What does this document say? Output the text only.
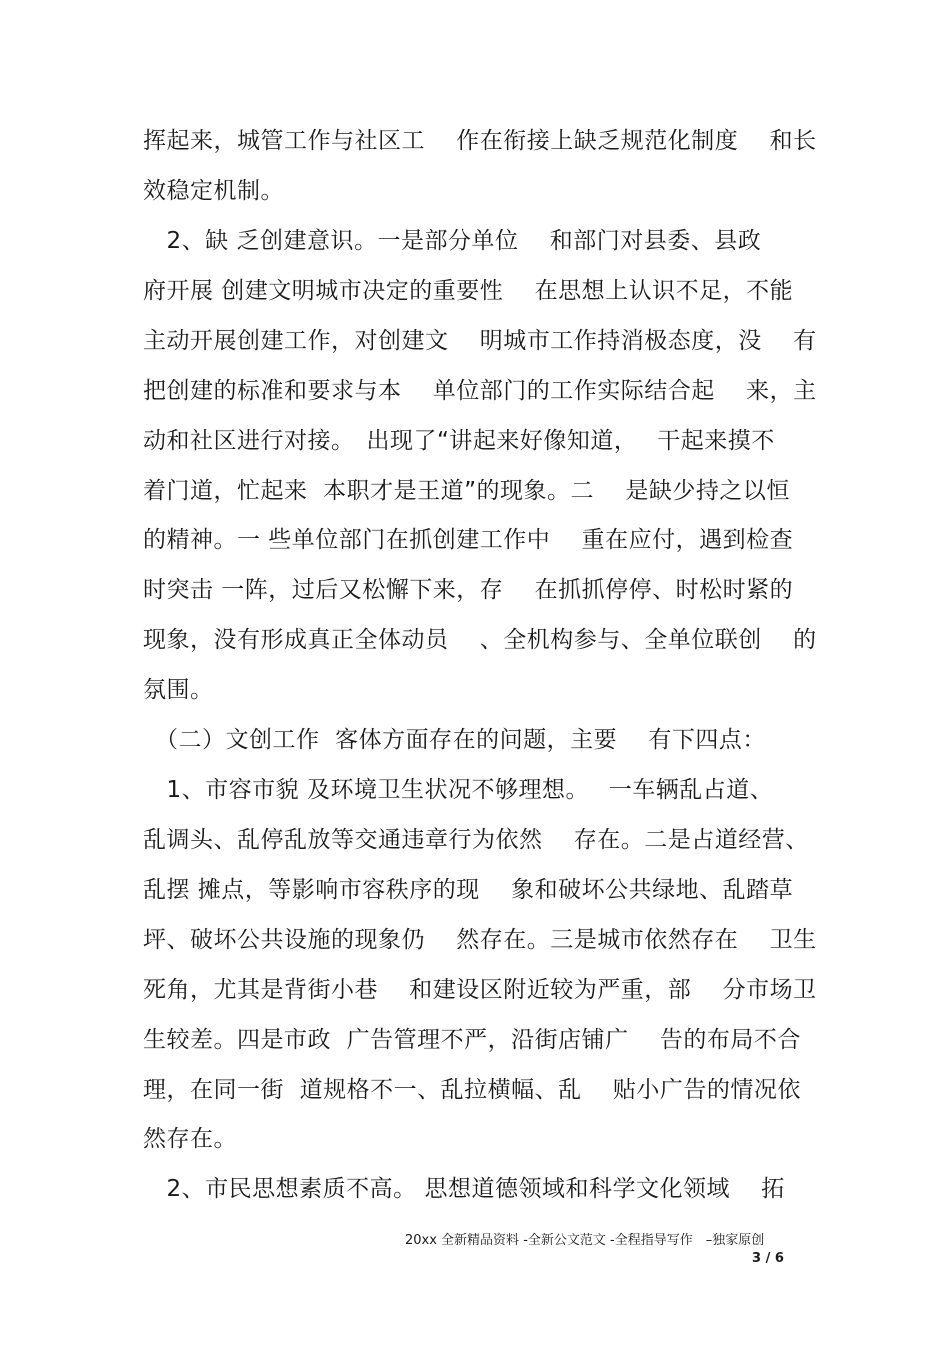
挥起来，城管工作与社区工　 作在衔接上缺乏规范化制度　 和长
效稳定机制。
　2、缺 乏创建意识。一是部分单位　 和部门对县委、县政
府开展 创建文明城市决定的重要性　 在思想上认识不足，不能
主动开展创建工作，对创建文　 明城市工作持消极态度，没　 有
把创建的标准和要求与本　 单位部门的工作实际结合起　 来，主
动和社区进行对接。　出现了“讲起来好像知道，　 干起来摸不
着门道，忙起来  本职才是王道”的现象。二　 是缺少持之以恒
的精神。一 些单位部门在抓创建工作中　 重在应付，遇到检查
时突击 一阵，过后又松懈下来，存　 在抓抓停停、时松时紧的
现象，没有形成真正全体动员　 、全机构参与、全单位联创　 的
氛围。
　（二）文创工作  客体方面存在的问题，主要　 有下四点：
　1、市容市貌 及环境卫生状况不够理想。　 一车辆乱占道、
乱调头、乱停乱放等交通违章行为依然　 存在。二是占道经营、
乱摆 摊点，等影响市容秩序的现　 象和破坏公共绿地、乱踏草
坪、破坏公共设施的现象仍　 然存在。三是城市依然存在　 卫生
死角，尤其是背街小巷　 和建设区附近较为严重，部　 分市场卫
生较差。四是市政  广告管理不严，沿街店铺广　 告的布局不合
理，在同一街  道规格不一、乱拉横幅、乱　 贴小广告的情况依
然存在。
　2、市民思想素质不高。 思想道德领域和科学文化领域　 拓
20xx 全新精品资料 -全新公文范文 -全程指导写作　–独家原创
3 / 6
